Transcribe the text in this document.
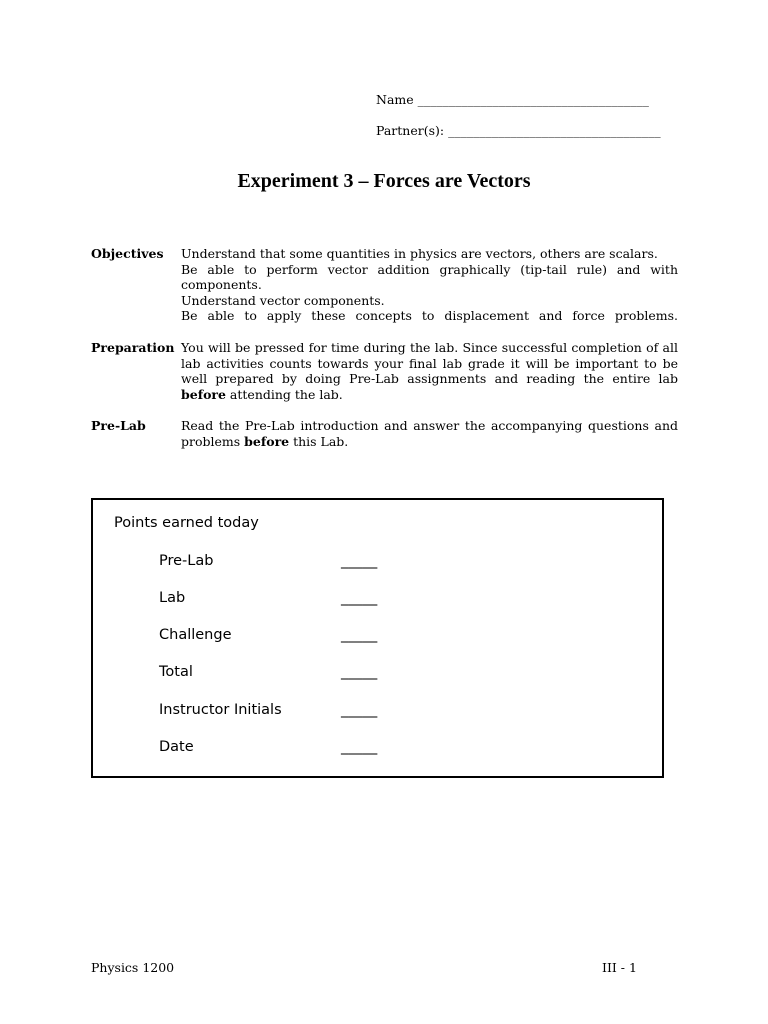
Name _____________________________________
Partner(s): __________________________________
Experiment 3 – Forces are Vectors
Objectives	Understand that some quantities in physics are vectors, others are scalars.

Be able to perform vector addition graphically (tip-tail rule) and with components.

Understand vector components.

Be able to apply these concepts to displacement and force problems.

Preparation You will be pressed for time during the lab. Since successful completion of all lab activities counts towards your final lab grade it will be important to be well prepared by doing Pre-Lab assignments and reading the entire lab before attending the lab.

Pre-Lab	Read the Pre-Lab introduction and answer the accompanying questions and problems before this Lab.

Points earned today
Pre-Lab	_____
Lab	_____
Challenge	_____
Total	_____
Instructor Initials	_____
Date	_____
Physics 1200	III - 1
